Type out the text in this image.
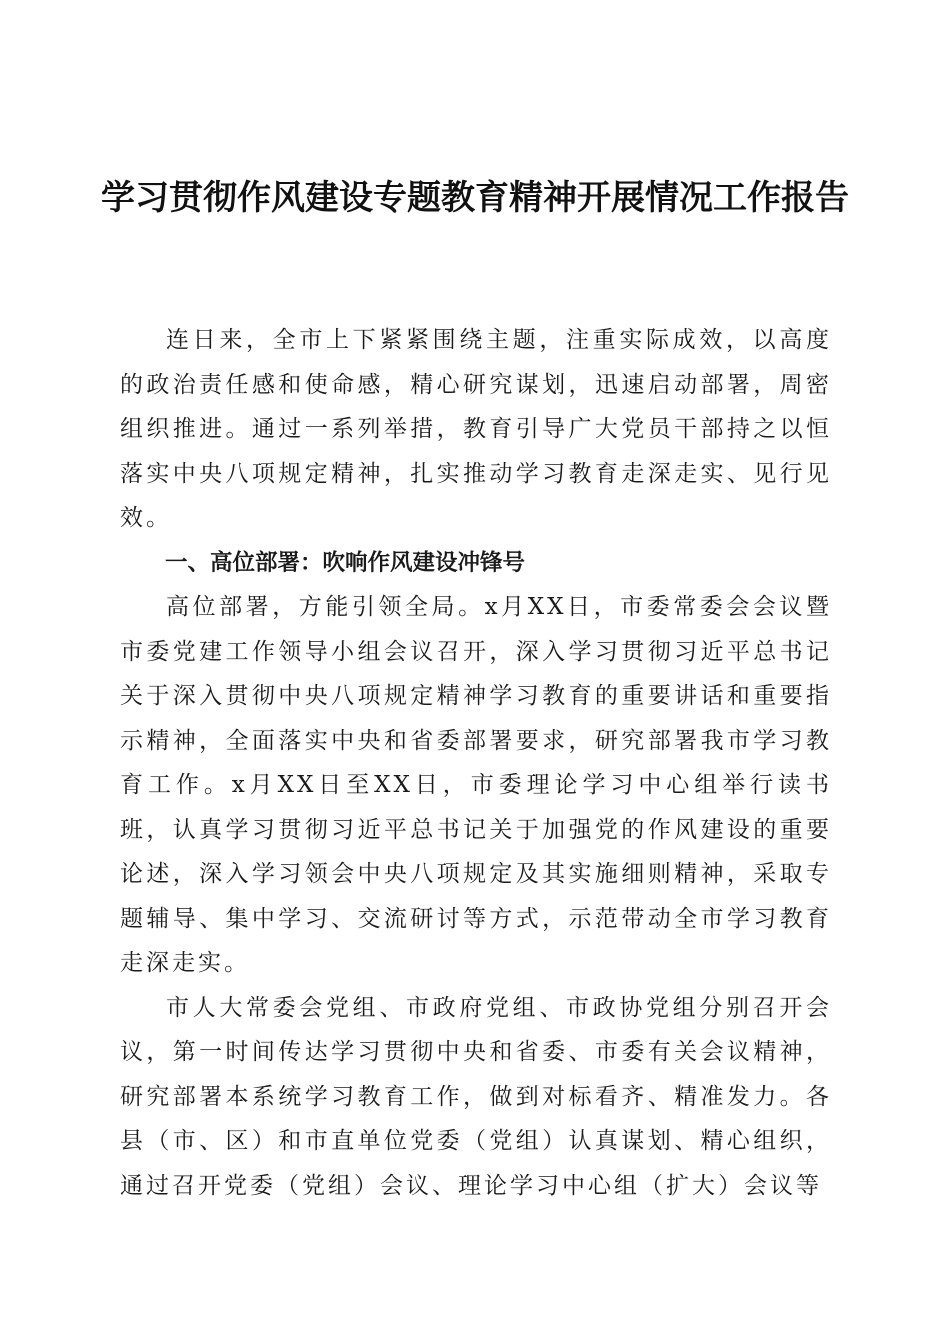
学习贯彻作风建设专题教育精神开展情况工作报告

连日来，全市上下紧紧围绕主题，注重实际成效，以高度的政治责任感和使命感，精心研究谋划，迅速启动部署，周密组织推进。通过一系列举措，教育引导广大党员干部持之以恒落实中央八项规定精神，扎实推动学习教育走深走实、见行见效。

一、高位部署：吹响作风建设冲锋号

高位部署，方能引领全局。x月XX日，市委常委会会议暨市委党建工作领导小组会议召开，深入学习贯彻习近平总书记关于深入贯彻中央八项规定精神学习教育的重要讲话和重要指示精神，全面落实中央和省委部署要求，研究部署我市学习教育工作。x月XX日至XX日，市委理论学习中心组举行读书班，认真学习贯彻习近平总书记关于加强党的作风建设的重要论述，深入学习领会中央八项规定及其实施细则精神，采取专题辅导、集中学习、交流研讨等方式，示范带动全市学习教育走深走实。

市人大常委会党组、市政府党组、市政协党组分别召开会议，第一时间传达学习贯彻中央和省委、市委有关会议精神，研究部署本系统学习教育工作，做到对标看齐、精准发力。各县（市、区）和市直单位党委（党组）认真谋划、精心组织，通过召开党委（党组）会议、理论学习中心组（扩大）会议等
